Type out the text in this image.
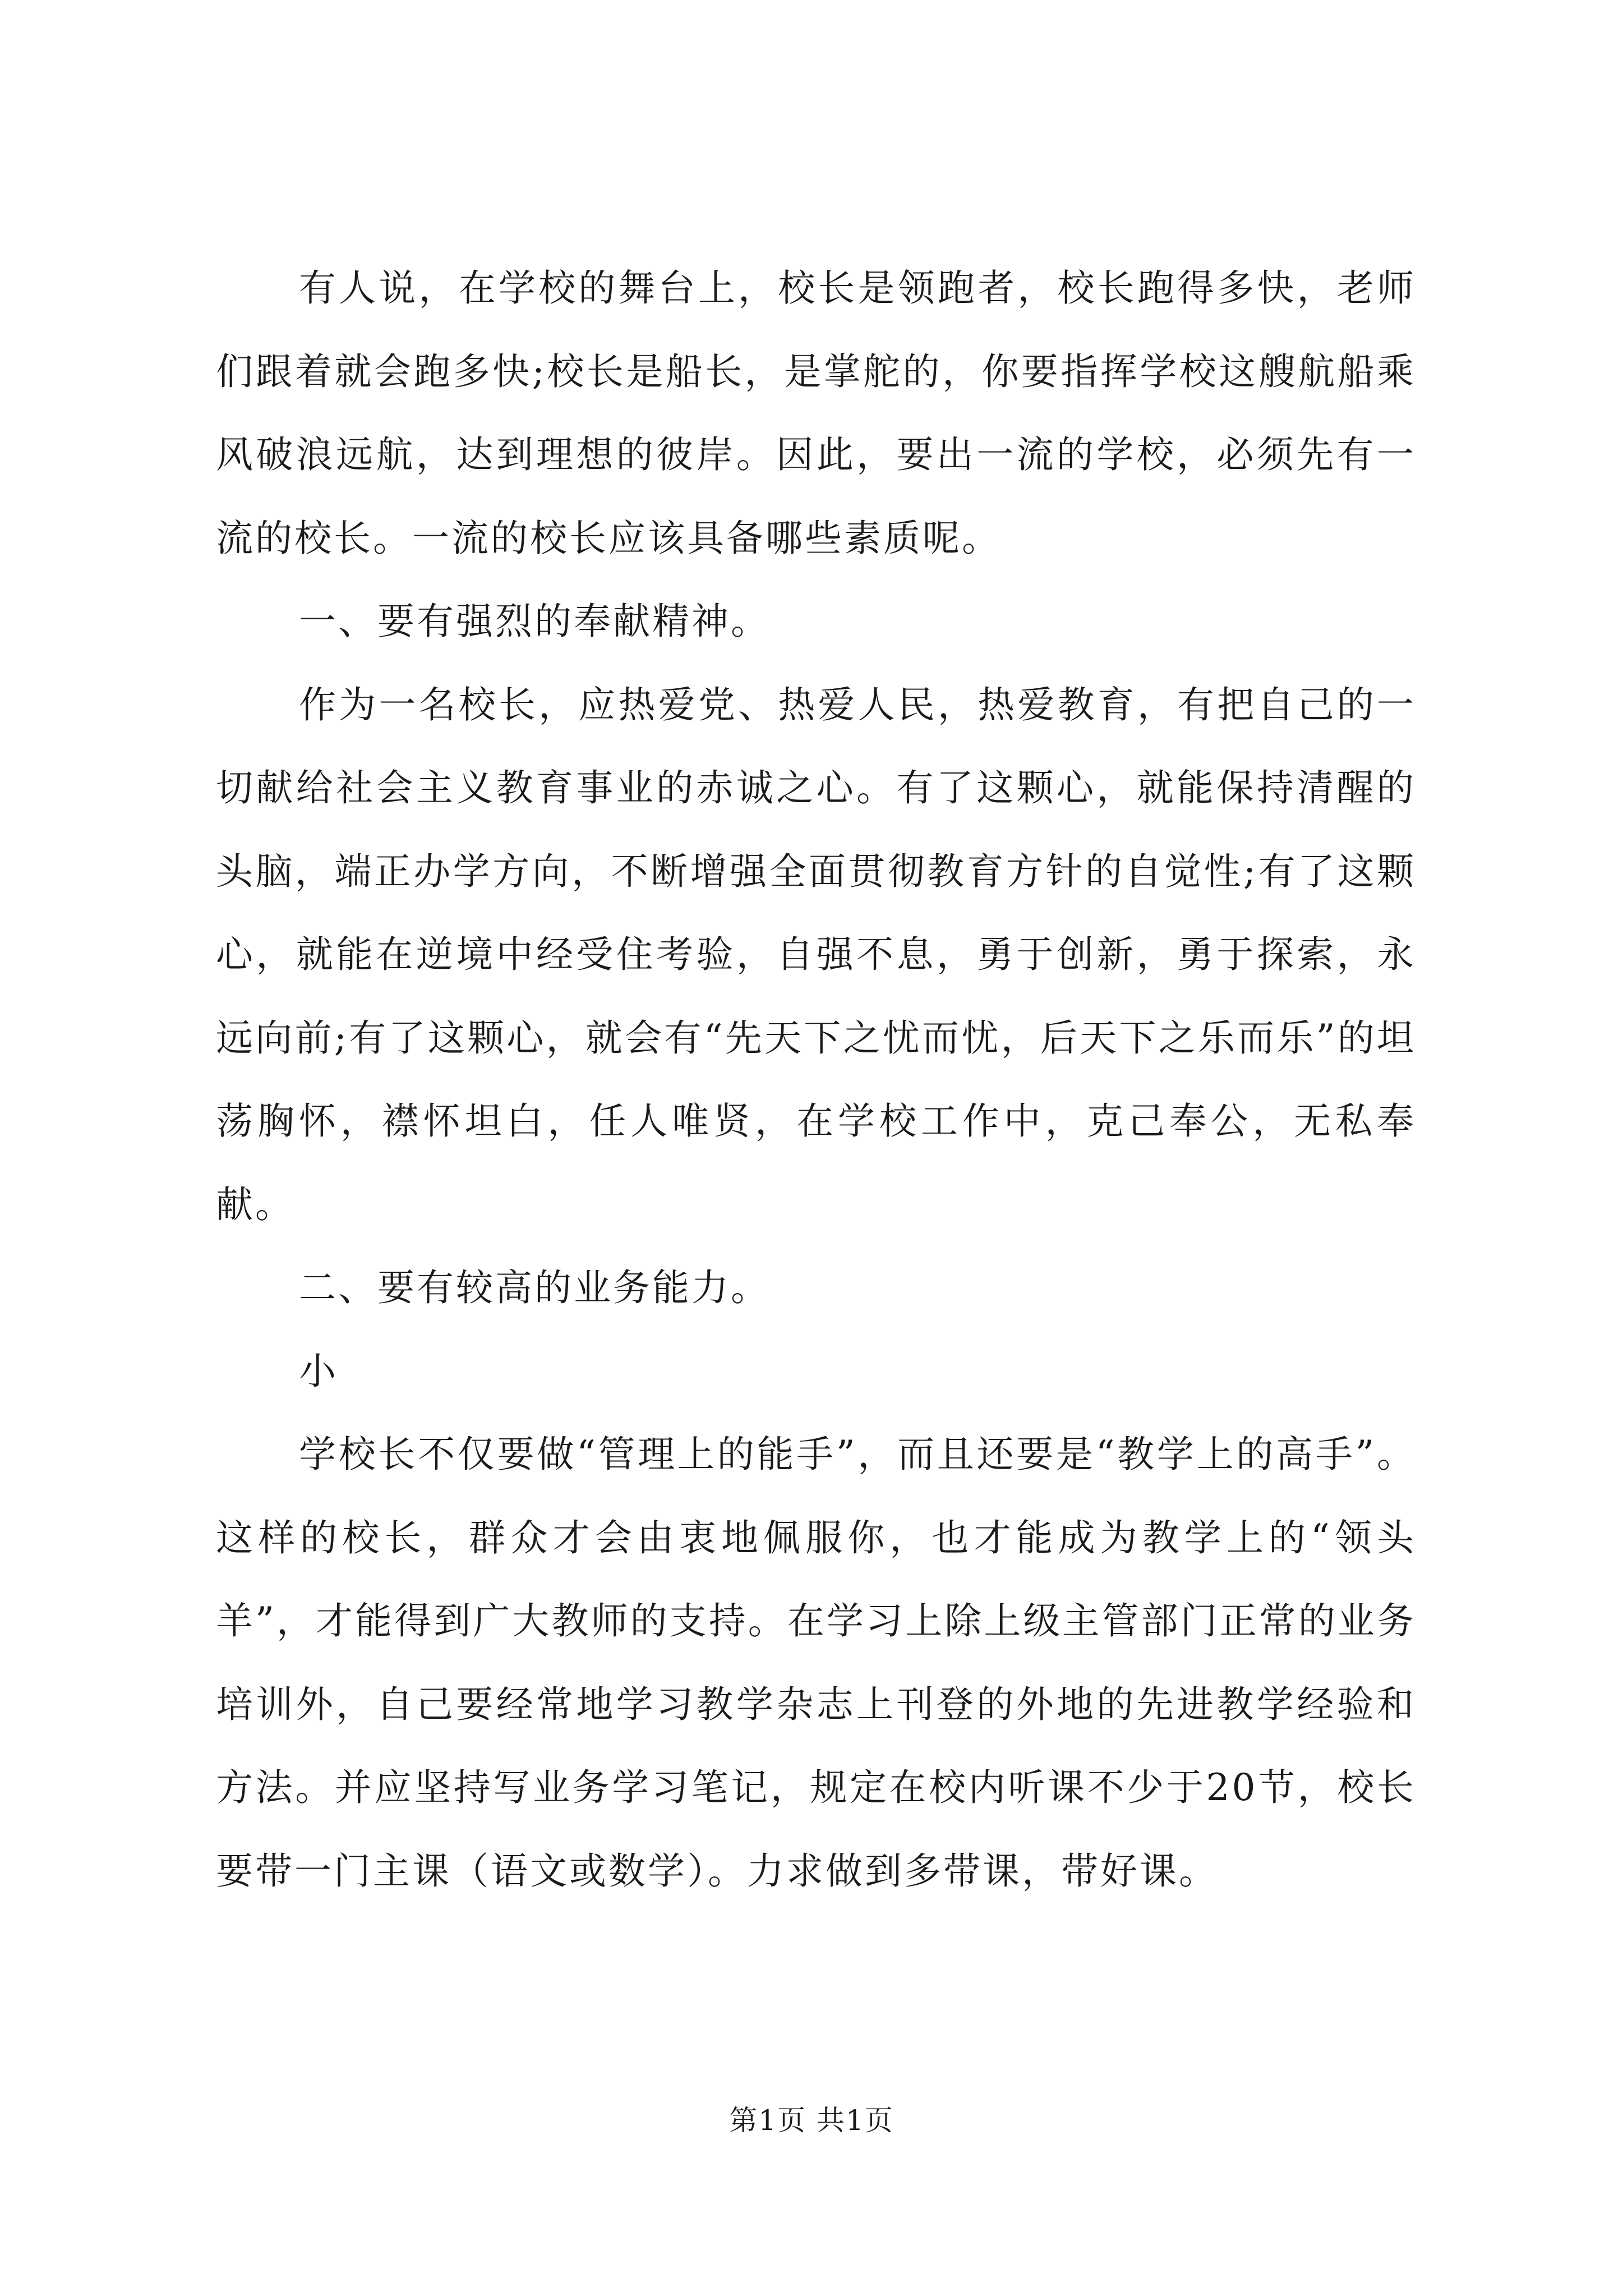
有人说，在学校的舞台上，校长是领跑者，校长跑得多快，老师们跟着就会跑多快;校长是船长，是掌舵的，你要指挥学校这艘航船乘风破浪远航，达到理想的彼岸。因此，要出一流的学校，必须先有一流的校长。一流的校长应该具备哪些素质呢。

一、要有强烈的奉献精神。

作为一名校长，应热爱党、热爱人民，热爱教育，有把自己的一切献给社会主义教育事业的赤诚之心。有了这颗心，就能保持清醒的头脑，端正办学方向，不断增强全面贯彻教育方针的自觉性;有了这颗心，就能在逆境中经受住考验，自强不息，勇于创新，勇于探索，永远向前;有了这颗心，就会有“先天下之忧而忧，后天下之乐而乐”的坦荡胸怀，襟怀坦白，任人唯贤，在学校工作中，克己奉公，无私奉献。

二、要有较高的业务能力。

小

学校长不仅要做“管理上的能手”，而且还要是“教学上的高手”。这样的校长，群众才会由衷地佩服你，也才能成为教学上的“领头羊”，才能得到广大教师的支持。在学习上除上级主管部门正常的业务培训外，自己要经常地学习教学杂志上刊登的外地的先进教学经验和方法。并应坚持写业务学习笔记，规定在校内听课不少于20节，校长要带一门主课（语文或数学）。力求做到多带课，带好课。

第1页 共1页
